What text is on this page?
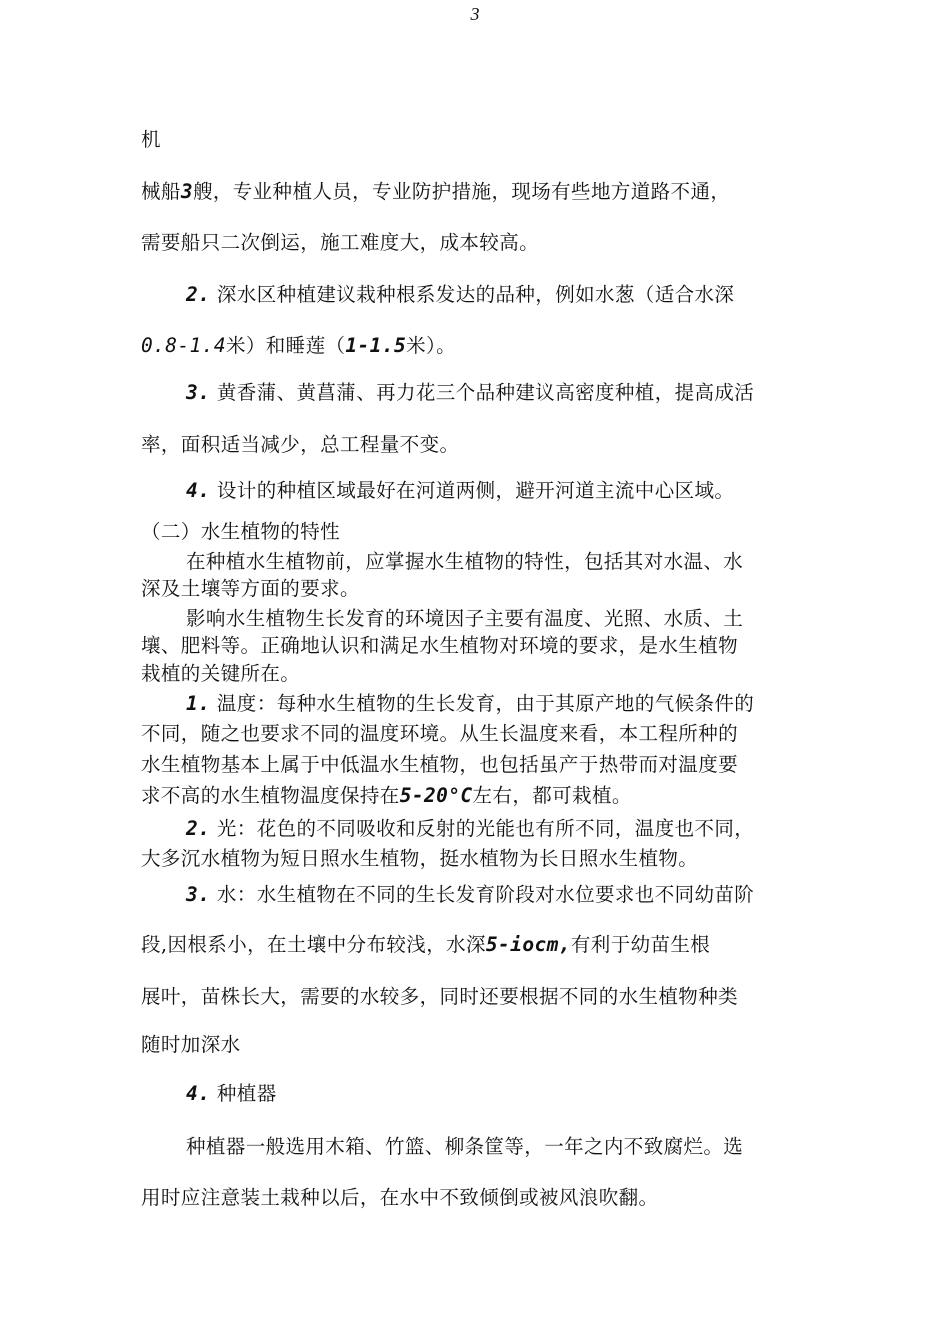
3
机
械船3艘，专业种植人员，专业防护措施，现场有些地方道路不通，
需要船只二次倒运，施工难度大，成本较高。
2. 深水区种植建议栽种根系发达的品种，例如水葱（适合水深
0.8-1.4米）和睡莲（1-1.5米）。
3. 黄香蒲、黄菖蒲、再力花三个品种建议高密度种植，提高成活
率，面积适当减少，总工程量不变。
4. 设计的种植区域最好在河道两侧，避开河道主流中心区域。
（二）水生植物的特性
在种植水生植物前，应掌握水生植物的特性，包括其对水温、水
深及土壤等方面的要求。
影响水生植物生长发育的环境因子主要有温度、光照、水质、土
壤、肥料等。正确地认识和满足水生植物对环境的要求，是水生植物
栽植的关键所在。
1. 温度：每种水生植物的生长发育，由于其原产地的气候条件的
不同，随之也要求不同的温度环境。从生长温度来看，本工程所种的
水生植物基本上属于中低温水生植物，也包括虽产于热带而对温度要
求不高的水生植物温度保持在5-20°C左右，都可栽植。
2. 光：花色的不同吸收和反射的光能也有所不同，温度也不同，
大多沉水植物为短日照水生植物，挺水植物为长日照水生植物。
3. 水：水生植物在不同的生长发育阶段对水位要求也不同幼苗阶
段,因根系小，在土壤中分布较浅，水深5-iocm,有利于幼苗生根
展叶，苗株长大，需要的水较多，同时还要根据不同的水生植物种类
随时加深水
4. 种植器
种植器一般选用木箱、竹篮、柳条筐等，一年之内不致腐烂。选
用时应注意装土栽种以后，在水中不致倾倒或被风浪吹翻。
